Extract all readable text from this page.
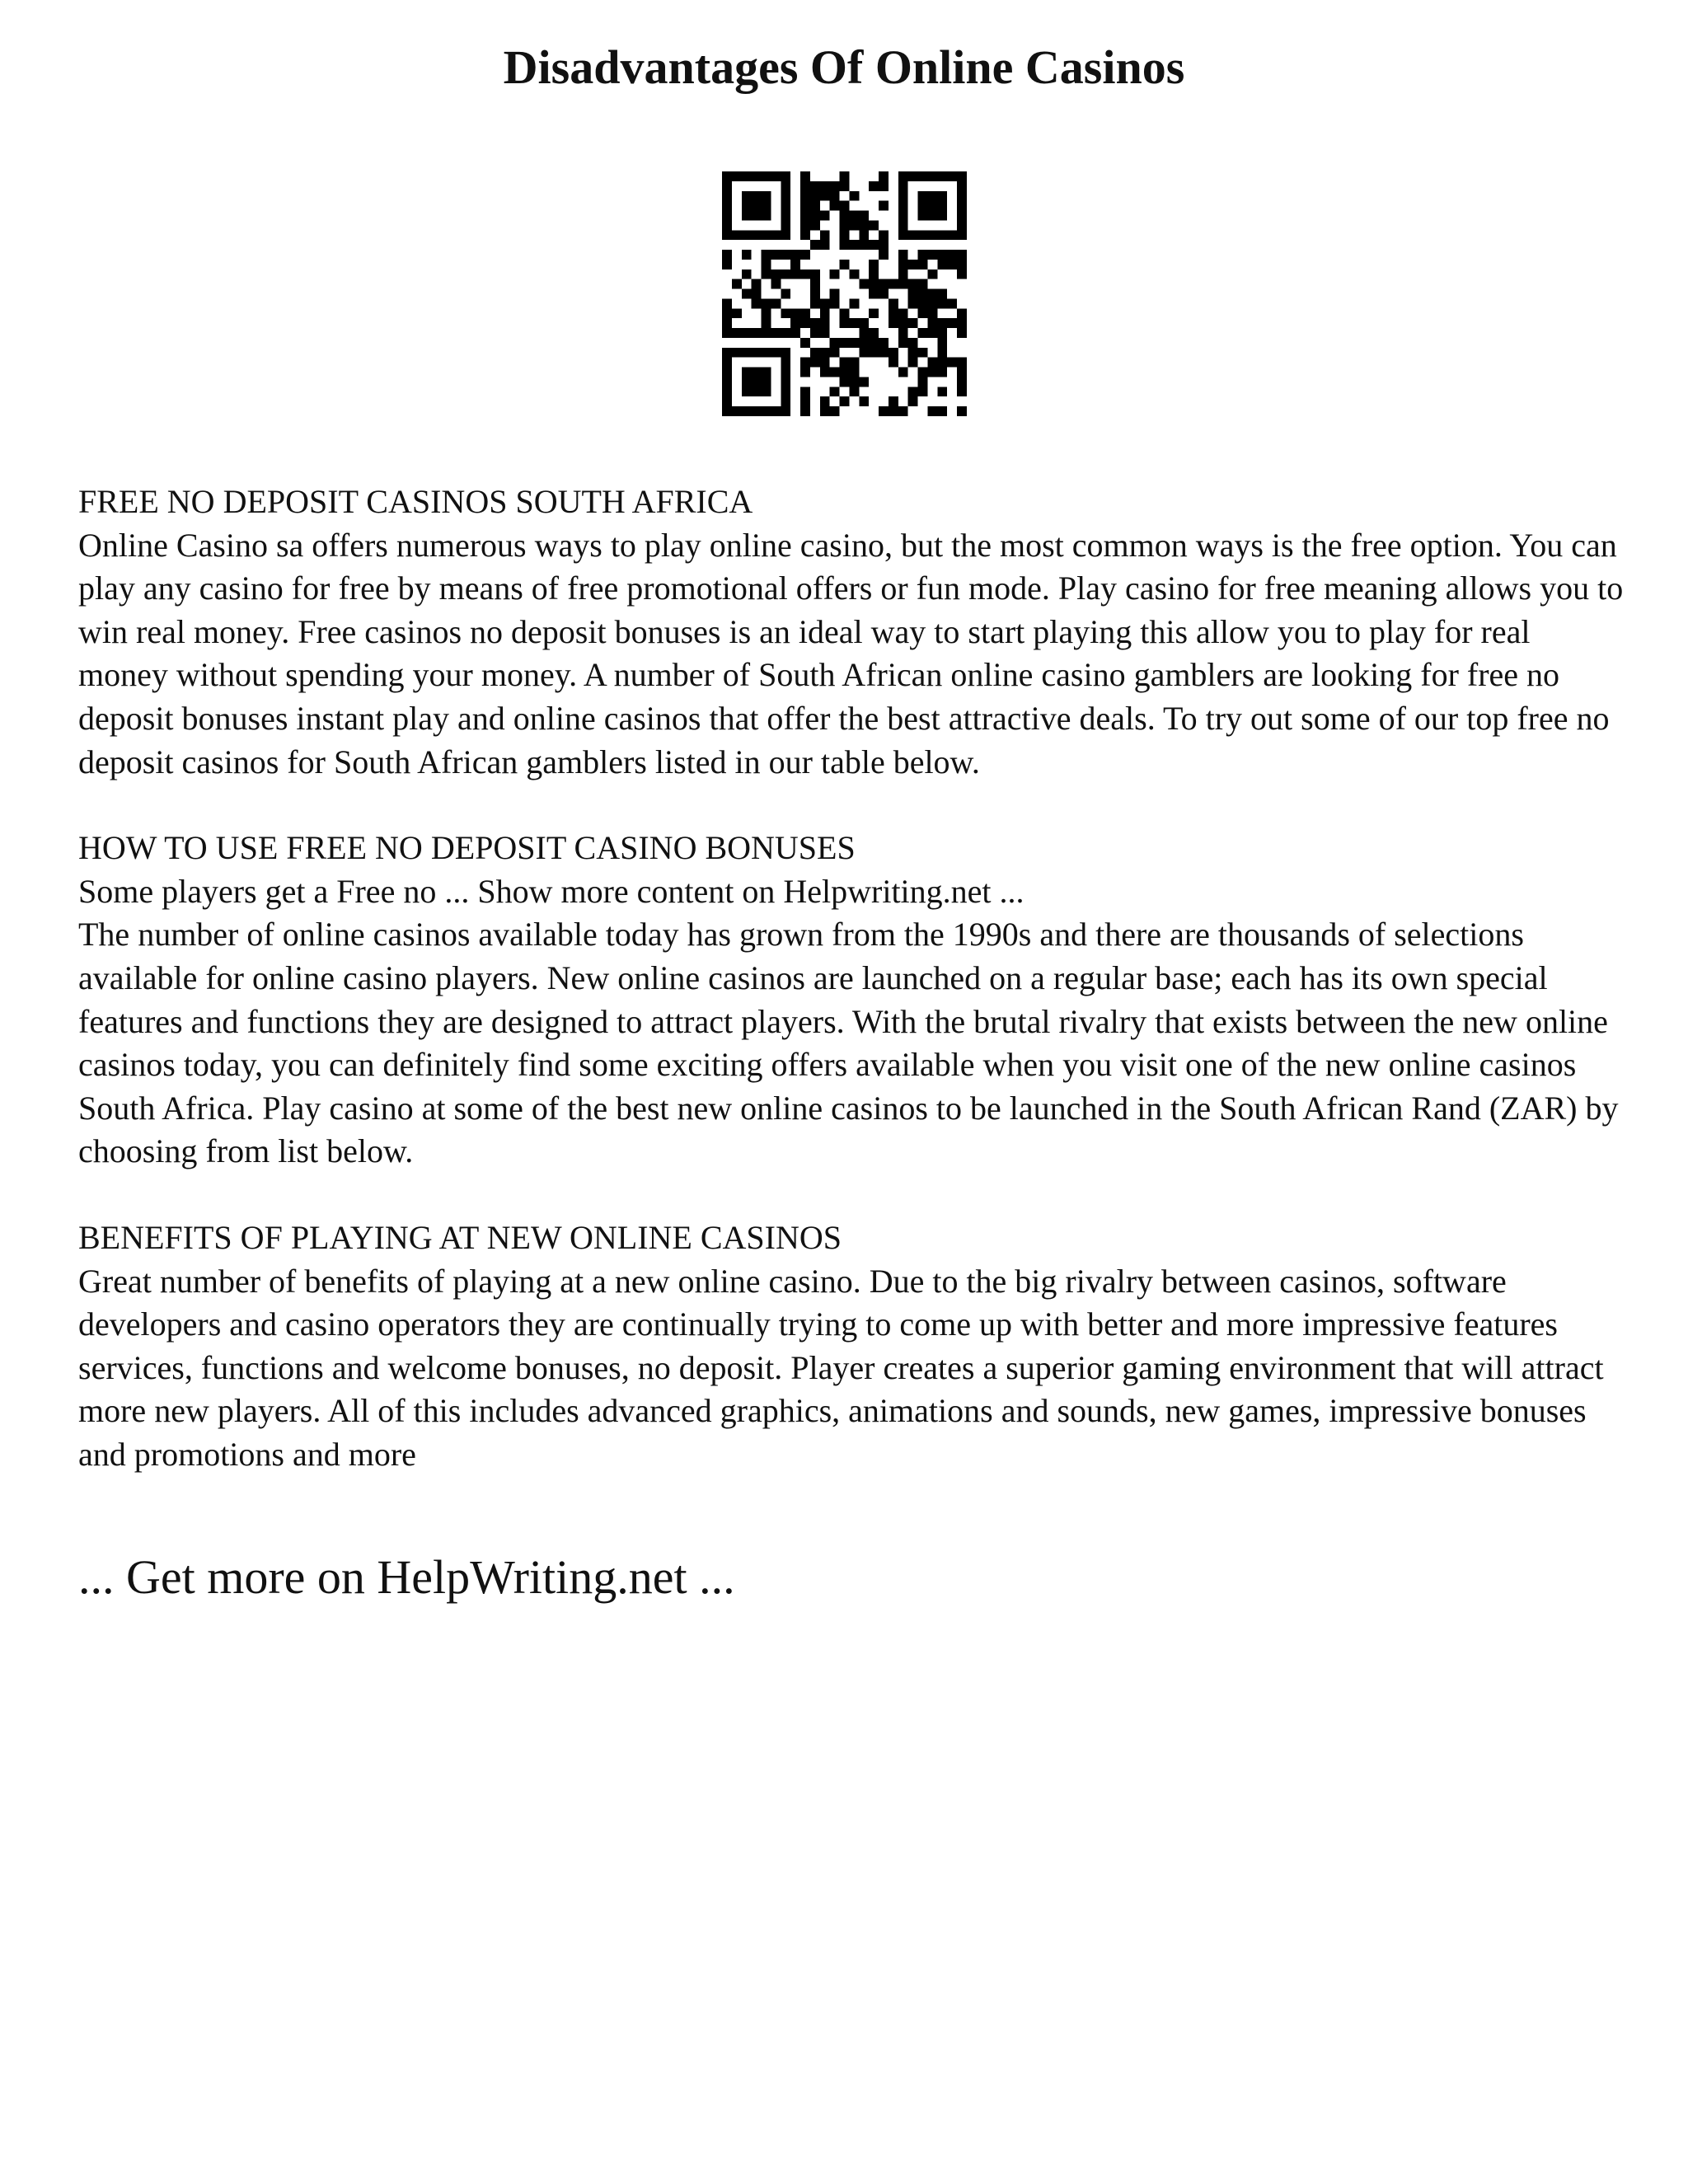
Disadvantages Of Online Casinos

FREE NO DEPOSIT CASINOS SOUTH AFRICA

Online Casino sa offers numerous ways to play online casino, but the most common ways is the free option. You can play any casino for free by means of free promotional offers or fun mode. Play casino for free meaning allows you to win real money. Free casinos no deposit bonuses is an ideal way to start playing this allow you to play for real money without spending your money. A number of South African online casino gamblers are looking for free no deposit bonuses instant play and online casinos that offer the best attractive deals. To try out some of our top free no deposit casinos for South African gamblers listed in our table below.

HOW TO USE FREE NO DEPOSIT CASINO BONUSES

Some players get a Free no ... Show more content on Helpwriting.net ...

The number of online casinos available today has grown from the 1990s and there are thousands of selections available for online casino players. New online casinos are launched on a regular base; each has its own special features and functions they are designed to attract players. With the brutal rivalry that exists between the new online casinos today, you can definitely find some exciting offers available when you visit one of the new online casinos South Africa. Play casino at some of the best new online casinos to be launched in the South African Rand (ZAR) by choosing from list below.

BENEFITS OF PLAYING AT NEW ONLINE CASINOS

Great number of benefits of playing at a new online casino. Due to the big rivalry between casinos, software developers and casino operators they are continually trying to come up with better and more impressive features services, functions and welcome bonuses, no deposit. Player creates a superior gaming environment that will attract more new players. All of this includes advanced graphics, animations and sounds, new games, impressive bonuses and promotions and more

... Get more on HelpWriting.net ...
